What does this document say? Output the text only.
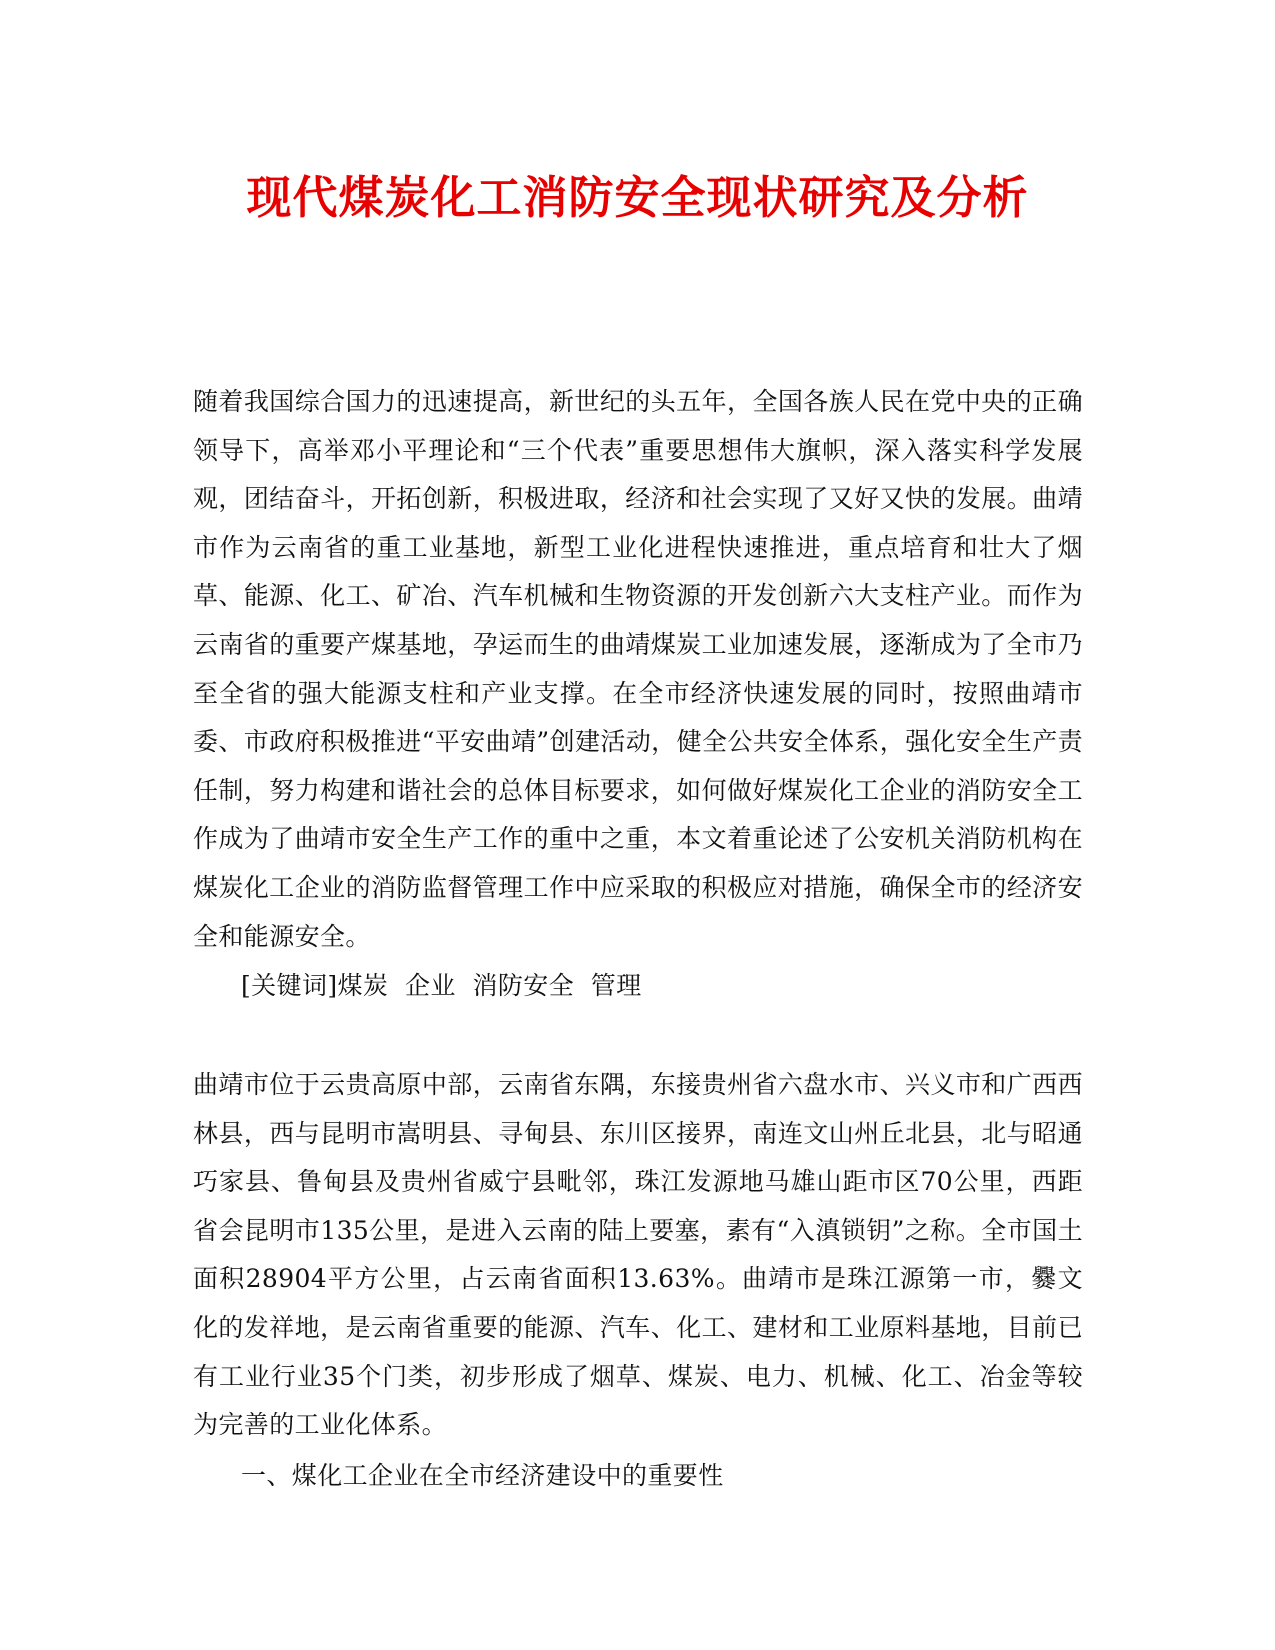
现代煤炭化工消防安全现状研究及分析

随着我国综合国力的迅速提高，新世纪的头五年，全国各族人民在党中央的正确领导下，高举邓小平理论和“三个代表”重要思想伟大旗帜，深入落实科学发展观，团结奋斗，开拓创新，积极进取，经济和社会实现了又好又快的发展。曲靖市作为云南省的重工业基地，新型工业化进程快速推进，重点培育和壮大了烟草、能源、化工、矿冶、汽车机械和生物资源的开发创新六大支柱产业。而作为云南省的重要产煤基地，孕运而生的曲靖煤炭工业加速发展，逐渐成为了全市乃至全省的强大能源支柱和产业支撑。在全市经济快速发展的同时，按照曲靖市委、市政府积极推进“平安曲靖”创建活动，健全公共安全体系，强化安全生产责任制，努力构建和谐社会的总体目标要求，如何做好煤炭化工企业的消防安全工作成为了曲靖市安全生产工作的重中之重，本文着重论述了公安机关消防机构在煤炭化工企业的消防监督管理工作中应采取的积极应对措施，确保全市的经济安全和能源安全。

[关键词]煤炭  企业  消防安全  管理

曲靖市位于云贵高原中部，云南省东隅，东接贵州省六盘水市、兴义市和广西西林县，西与昆明市嵩明县、寻甸县、东川区接界，南连文山州丘北县，北与昭通巧家县、鲁甸县及贵州省威宁县毗邻，珠江发源地马雄山距市区70公里，西距省会昆明市135公里，是进入云南的陆上要塞，素有“入滇锁钥”之称。全市国土面积28904平方公里，占云南省面积13.63%。曲靖市是珠江源第一市，爨文化的发祥地，是云南省重要的能源、汽车、化工、建材和工业原料基地，目前已有工业行业35个门类，初步形成了烟草、煤炭、电力、机械、化工、冶金等较为完善的工业化体系。

一、煤化工企业在全市经济建设中的重要性
